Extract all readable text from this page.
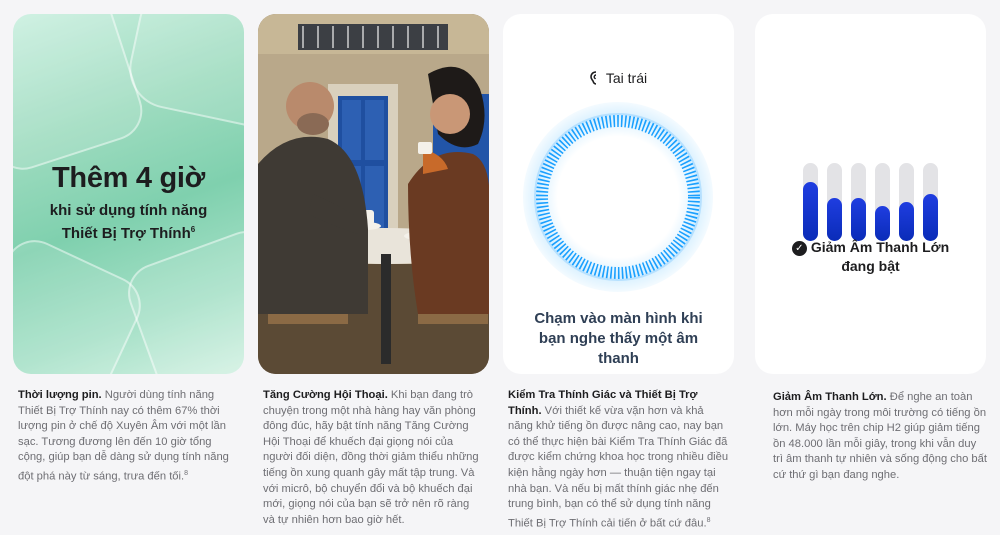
Thêm 4 giờ
khi sử dụng tính năng
Thiết Bị Trợ Thính$^6$
Tai trái
Chạm vào màn hình khi bạn nghe thấy một âm thanh
✓ Giảm Âm Thanh Lớn
đang bật
Thời lượng pin. Người dùng tính năng Thiết Bị Trợ Thính nay có thêm 67% thời lượng pin ở chế độ Xuyên Âm với một lần sạc. Tương đương lên đến 10 giờ tổng cộng, giúp bạn dễ dàng sử dụng tính năng đột phá này từ sáng, trưa đến tối.$^8$
Tăng Cường Hội Thoại. Khi bạn đang trò chuyện trong một nhà hàng hay văn phòng đông đúc, hãy bật tính năng Tăng Cường Hội Thoại để khuếch đại giọng nói của người đối diện, đồng thời giảm thiểu những tiếng ồn xung quanh gây mất tập trung. Và với micrô, bộ chuyển đổi và bộ khuếch đại mới, giọng nói của bạn sẽ trở nên rõ ràng và tự nhiên hơn bao giờ hết.
Kiểm Tra Thính Giác và Thiết Bị Trợ Thính. Với thiết kế vừa vặn hơn và khả năng khử tiếng ồn được nâng cao, nay bạn có thể thực hiện bài Kiểm Tra Thính Giác đã được kiểm chứng khoa học trong nhiều điều kiện hằng ngày hơn — thuận tiện ngay tại nhà bạn. Và nếu bị mất thính giác nhẹ đến trung bình, bạn có thể sử dụng tính năng Thiết Bị Trợ Thính cải tiến ở bất cứ đâu.$^8$
Giảm Âm Thanh Lớn. Để nghe an toàn hơn mỗi ngày trong môi trường có tiếng ồn lớn. Máy học trên chip H2 giúp giảm tiếng ồn 48.000 lần mỗi giây, trong khi vẫn duy trì âm thanh tự nhiên và sống động cho bất cứ thứ gì bạn đang nghe.
